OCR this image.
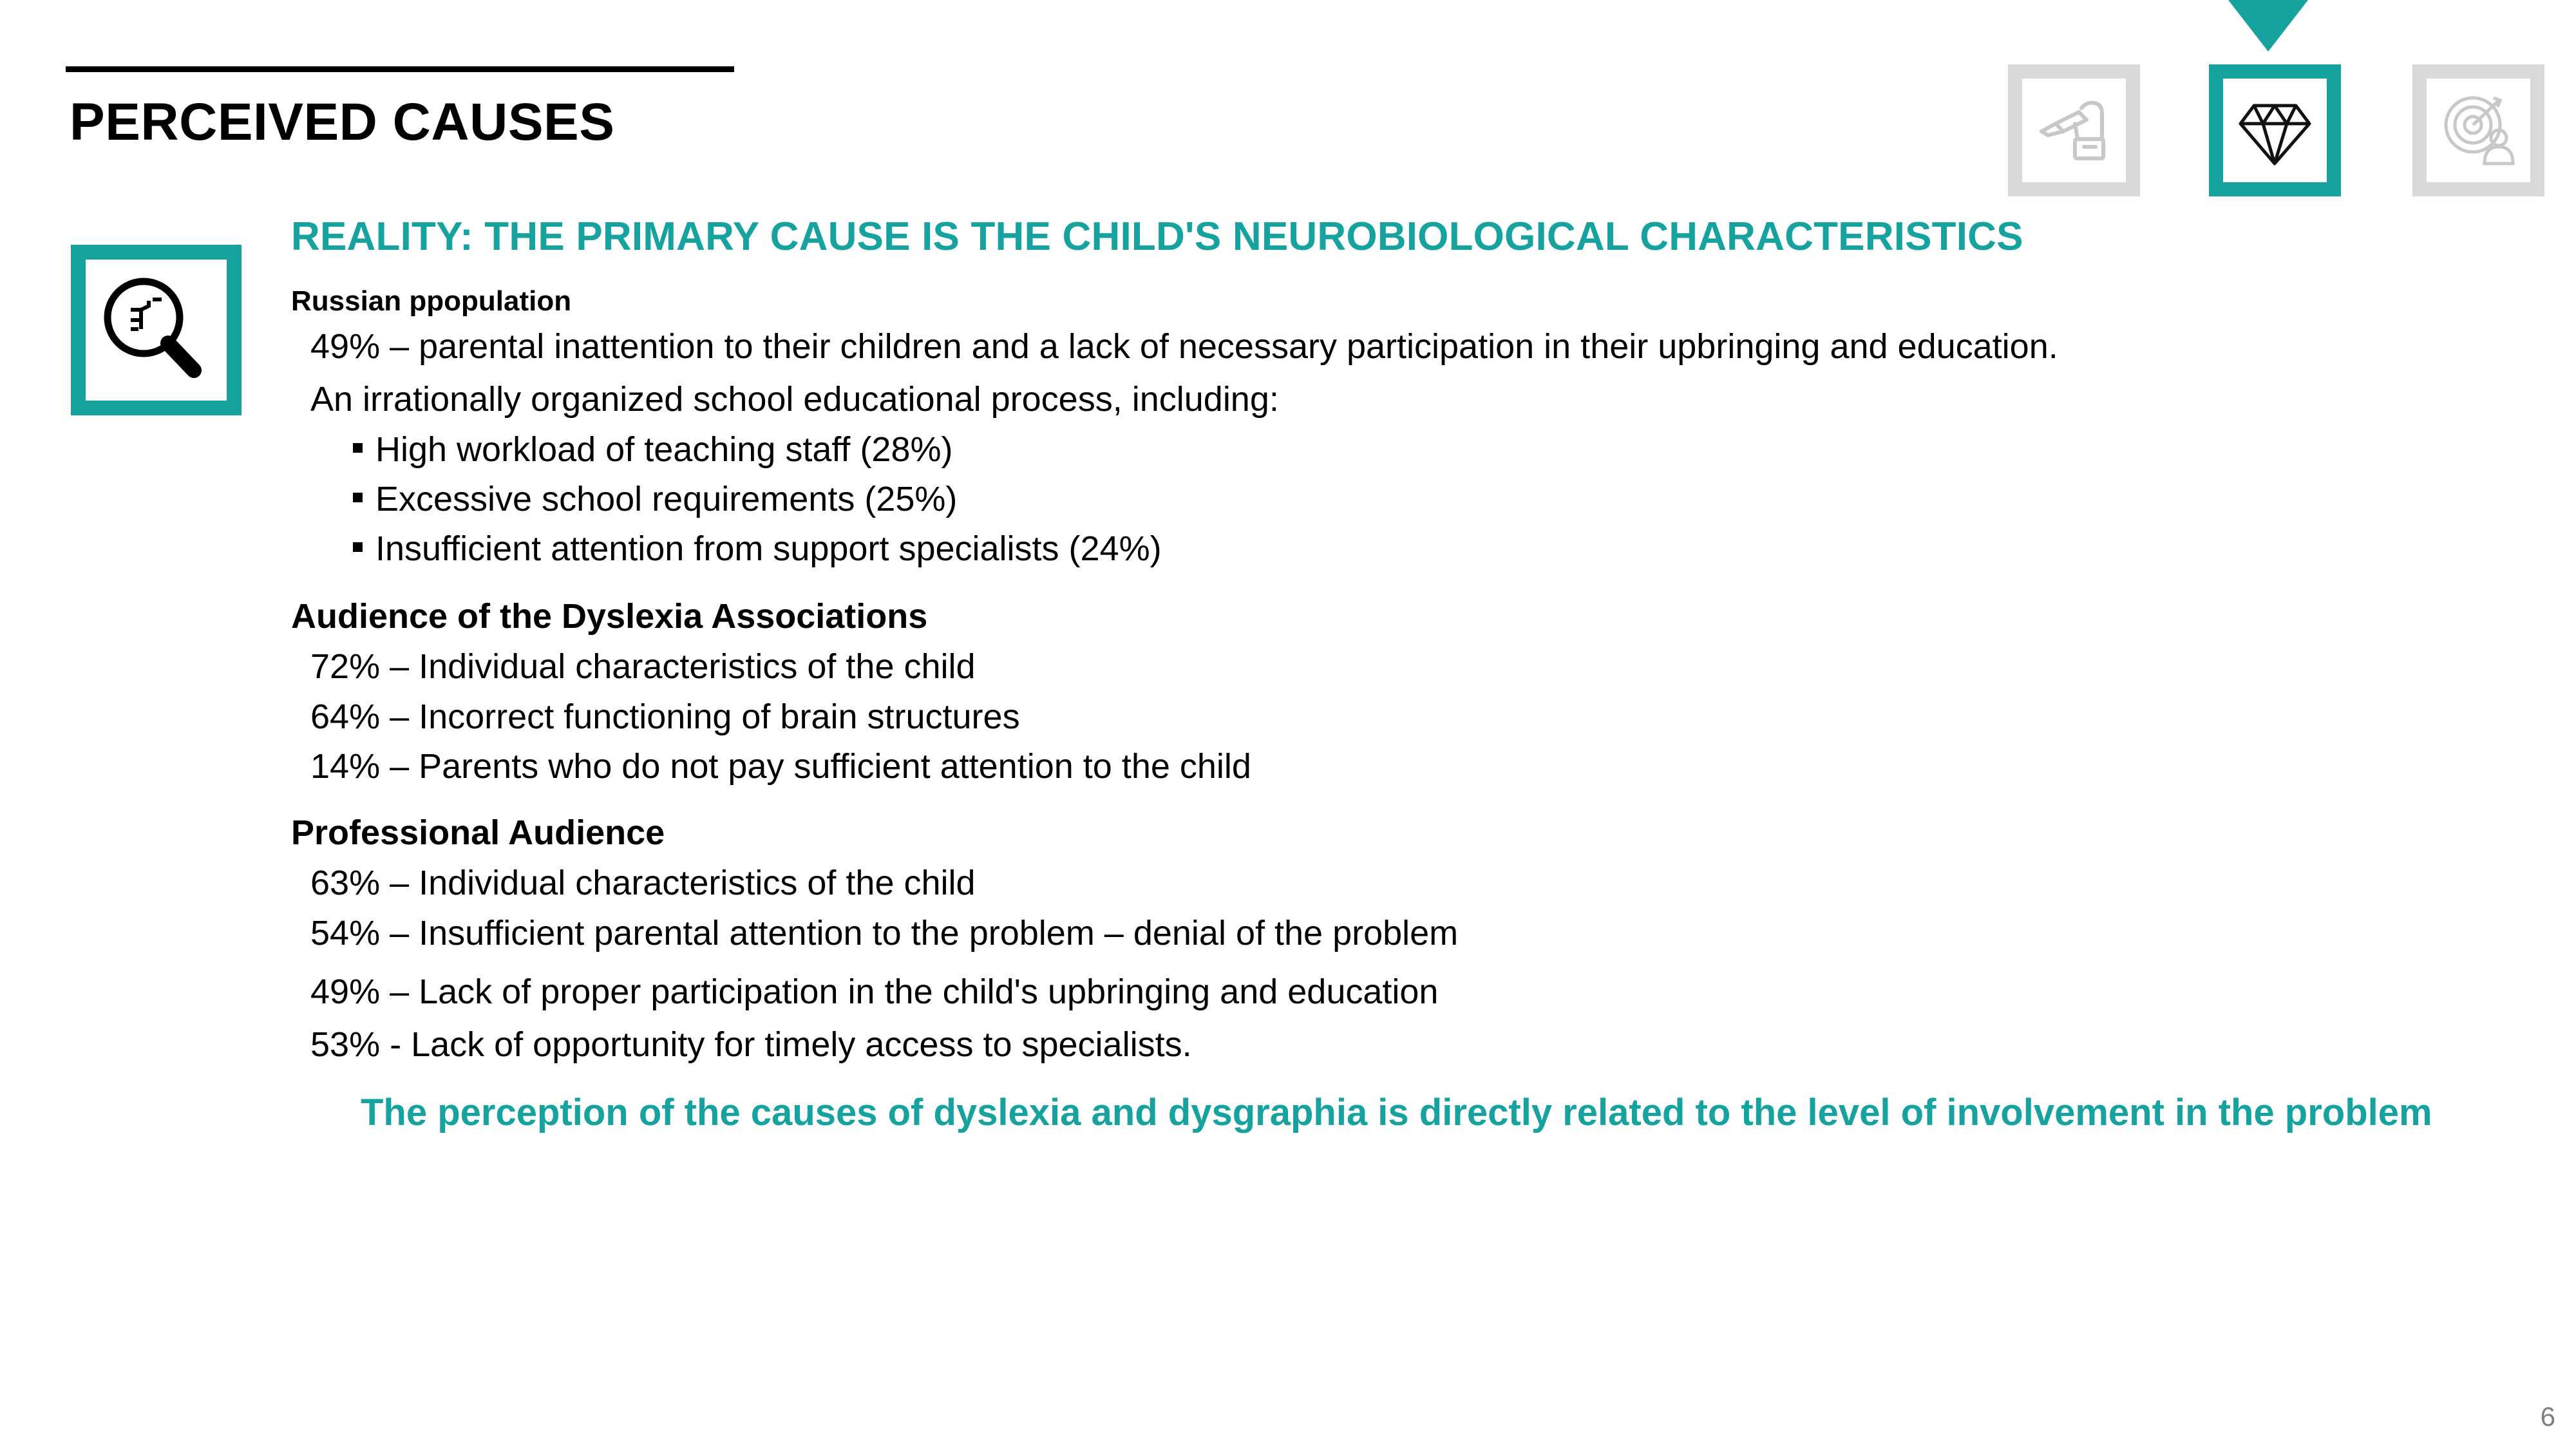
PERCEIVED CAUSES
REALITY: THE PRIMARY CAUSE IS THE CHILD'S NEUROBIOLOGICAL CHARACTERISTICS
Russian ppopulation
49% – parental inattention to their children and a lack of necessary participation in their upbringing and education.
An irrationally organized school educational process, including:
High workload of teaching staff (28%)
Excessive school requirements (25%)
Insufficient attention from support specialists (24%)
Audience of the Dyslexia Associations
72% – Individual characteristics of the child
64% – Incorrect functioning of brain structures
14% – Parents who do not pay sufficient attention to the child
Professional Audience
63% – Individual characteristics of the child
54% – Insufficient parental attention to the problem – denial of the problem
49% – Lack of proper participation in the child's upbringing and education
53% - Lack of opportunity for timely access to specialists.
The perception of the causes of dyslexia and dysgraphia is directly related to the level of involvement in the problem
6
